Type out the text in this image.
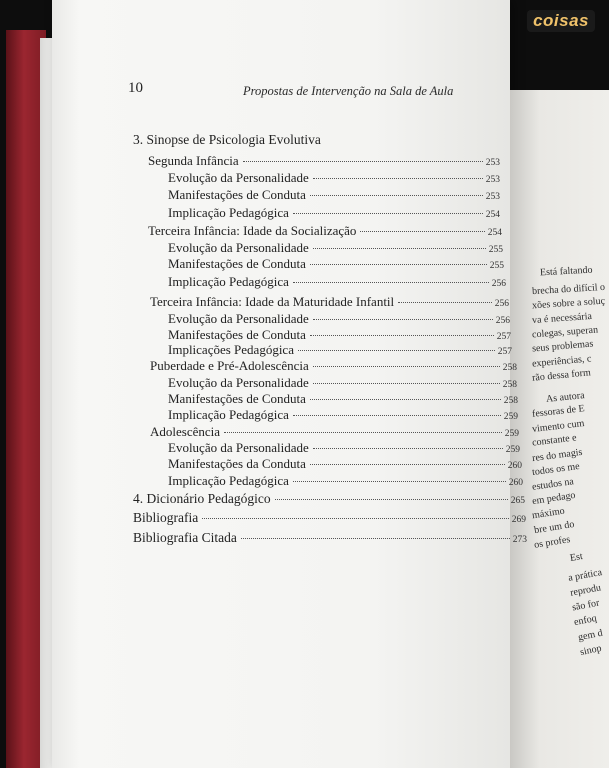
Está faltando
brecha do difícil o
xões sobre a soluç
va é necessária
colegas, superan
seus problemas
experiências, c
rão dessa form
As autora
fessoras de E
vimento cum
constante e
res do magis
todos os me
estudos na
em pedago
máximo
bre um do
os profes
Est
a prática
reprodu
são for
enfoq
gem d
sinop
coisas
10	Propostas de Intervenção na Sala de Aula
3. Sinopse de Psicologia Evolutiva
Segunda Infância	253
Evolução da Personalidade	253
Manifestações de Conduta	253
Implicação Pedagógica	254
Terceira Infância: Idade da Socialização	254
Evolução da Personalidade	255
Manifestações de Conduta	255
Implicação Pedagógica	256
Terceira Infância: Idade da Maturidade Infantil	256
Evolução da Personalidade	256
Manifestações de Conduta	257
Implicações Pedagógica	257
Puberdade e Pré-Adolescência	258
Evolução da Personalidade	258
Manifestações de Conduta	258
Implicação Pedagógica	259
Adolescência	259
Evolução da Personalidade	259
Manifestações da Conduta	260
Implicação Pedagógica	260
4. Dicionário Pedagógico	265
Bibliografia	269
Bibliografia Citada	273
